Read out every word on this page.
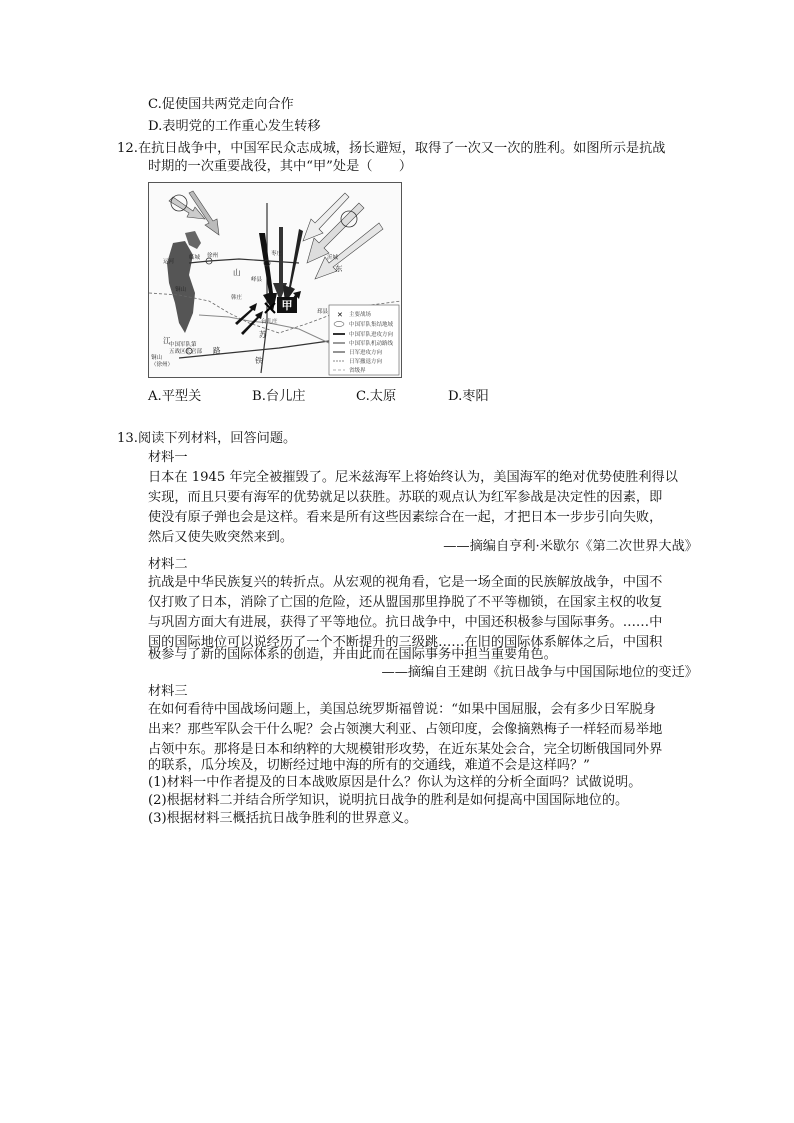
C.促使国共两党走向合作
D.表明党的工作重心发生转移
12.在抗日战争中，中国军民众志成城，扬长避短，取得了一次又一次的胜利。如图所示是抗战
时期的一次重要战役，其中“甲”处是（　　）
甲
枣庄
沂城
山
峄县
韩庄
台儿庄
邳县
江
苏
徐州
临城
东
铜山
运河
路
铁
铜山
（徐州）
中国军队第
五战区长官部
✕ 主要战场
中国军队集结地域
中国军队进攻方向
中国军队机动路线
日军进攻方向
日军撤退方向
省级界
A.平型关	B.台儿庄	C.太原	D.枣阳
13.阅读下列材料，回答问题。
材料一
日本在 1945 年完全被摧毁了。尼米兹海军上将始终认为，美国海军的绝对优势使胜利得以
实现，而且只要有海军的优势就足以获胜。苏联的观点认为红军参战是决定性的因素，即
使没有原子弹也会是这样。看来是所有这些因素综合在一起，才把日本一步步引向失败，
然后又使失败突然来到。
——摘编自亨利·米歇尔《第二次世界大战》
材料二
抗战是中华民族复兴的转折点。从宏观的视角看，它是一场全面的民族解放战争，中国不
仅打败了日本，消除了亡国的危险，还从盟国那里挣脱了不平等枷锁，在国家主权的收复
与巩固方面大有进展，获得了平等地位。抗日战争中，中国还积极参与国际事务。……中
国的国际地位可以说经历了一个不断提升的三级跳……在旧的国际体系解体之后，中国积
极参与了新的国际体系的创造，并由此而在国际事务中担当重要角色。
——摘编自王建朗《抗日战争与中国国际地位的变迁》
材料三
在如何看待中国战场问题上，美国总统罗斯福曾说：“如果中国屈服，会有多少日军脱身
出来？那些军队会干什么呢？会占领澳大利亚、占领印度，会像摘熟梅子一样轻而易举地
占领中东。那将是日本和纳粹的大规模钳形攻势，在近东某处会合，完全切断俄国同外界
的联系，瓜分埃及，切断经过地中海的所有的交通线，难道不会是这样吗？”
(1)材料一中作者提及的日本战败原因是什么？你认为这样的分析全面吗？试做说明。
(2)根据材料二并结合所学知识，说明抗日战争的胜利是如何提高中国国际地位的。
(3)根据材料三概括抗日战争胜利的世界意义。
